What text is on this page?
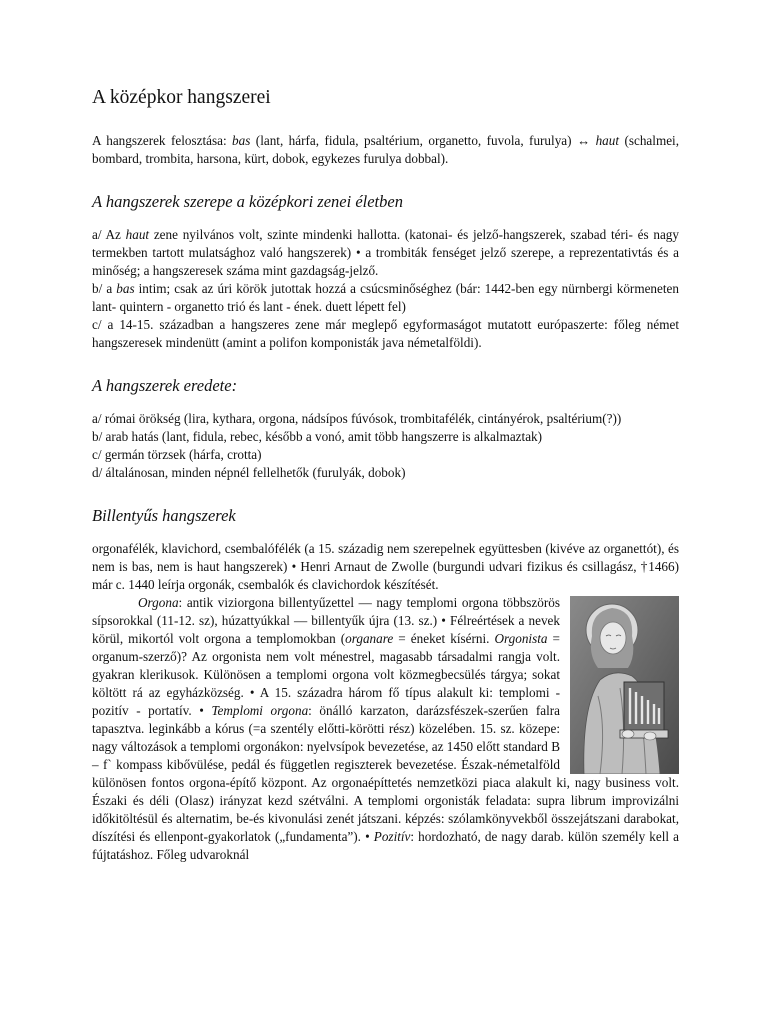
A középkor hangszerei

A hangszerek felosztása: bas (lant, hárfa, fidula, psaltérium, organetto, fuvola, furulya) ↔ haut (schalmei, bombard, trombita, harsona, kürt, dobok, egykezes furulya dobbal).

A hangszerek szerepe a középkori zenei életben

a/ Az haut zene nyilvános volt, szinte mindenki hallotta. (katonai- és jelző-hangszerek, szabad téri- és nagy termekben tartott mulatsághoz való hangszerek) • a trombiták fenséget jelző szerepe, a reprezentativtás és a minőség; a hangszeresek száma mint gazdagság-jelző.
b/ a bas intim; csak az úri körök jutottak hozzá a csúcsminőséghez (bár: 1442-ben egy nürnbergi körmeneten lant- quintern - organetto trió és lant - ének. duett lépett fel)
c/ a 14-15. században a hangszeres zene már meglepő egyformaságot mutatott európaszerte: főleg német hangszeresek mindenütt (amint a polifon komponisták java németalföldi).

A hangszerek eredete:

a/ római örökség (lira, kythara, orgona, nádsípos fúvósok, trombitafélék, cintányérok, psaltérium(?))
b/ arab hatás (lant, fidula, rebec, később a vonó, amit több hangszerre is alkalmaztak)
c/ germán törzsek (hárfa, crotta)
d/ általánosan, minden népnél fellelhetők (furulyák, dobok)

Billentyűs hangszerek

orgonafélék, klavichord, csembalófélék (a 15. századig nem szerepelnek együttesben (kivéve az organettót), és nem is bas, nem is haut hangszerek) • Henri Arnaut de Zwolle (burgundi udvari fizikus és csillagász, †1466) már c. 1440 leírja orgonák, csembalók és clavichordok készítését.

Orgona: antik viziorgona billentyűzettel — nagy templomi orgona többszörös sípsorokkal (11-12. sz), húzattyúkkal — billentyűk újra (13. sz.) • Félreértések a nevek körül, mikortól volt orgona a templomokban (organare = éneket kísérni. Orgonista = organum-szerző)? Az orgonista nem volt ménestrel, magasabb társadalmi rangja volt. gyakran klerikusok. Különösen a templomi orgona volt közmegbecsülés tárgya; sokat költött rá az egyházközség. • A 15. századra három fő típus alakult ki: templomi - pozitív - portatív. • Templomi orgona: önálló karzaton, darázsfészek-szerűen falra tapasztva. leginkább a kórus (=a szentély előtti-körötti rész) közelében. 15. sz. közepe: nagy változások a templomi orgonákon: nyelvsípok bevezetése, az 1450 előtt standard B – f` kompass kibővülése, pedál és független regiszterek bevezetése. Észak-németalföld különösen fontos orgona-építő központ. Az orgonaépíttetés nemzetközi piaca alakult ki, nagy business volt. Északi és déli (Olasz) irányzat kezd szétválni. A templomi orgonisták feladata: supra librum improvizálni időkitöltésül és alternatim, be-és kivonulási zenét játszani. képzés: szólamkönyvekből összejátszani darabokat, díszítési és ellenpont-gyakorlatok („fundamenta”). • Pozitív: hordozható, de nagy darab. külön személy kell a fújtatáshoz. Főleg udvaroknál
